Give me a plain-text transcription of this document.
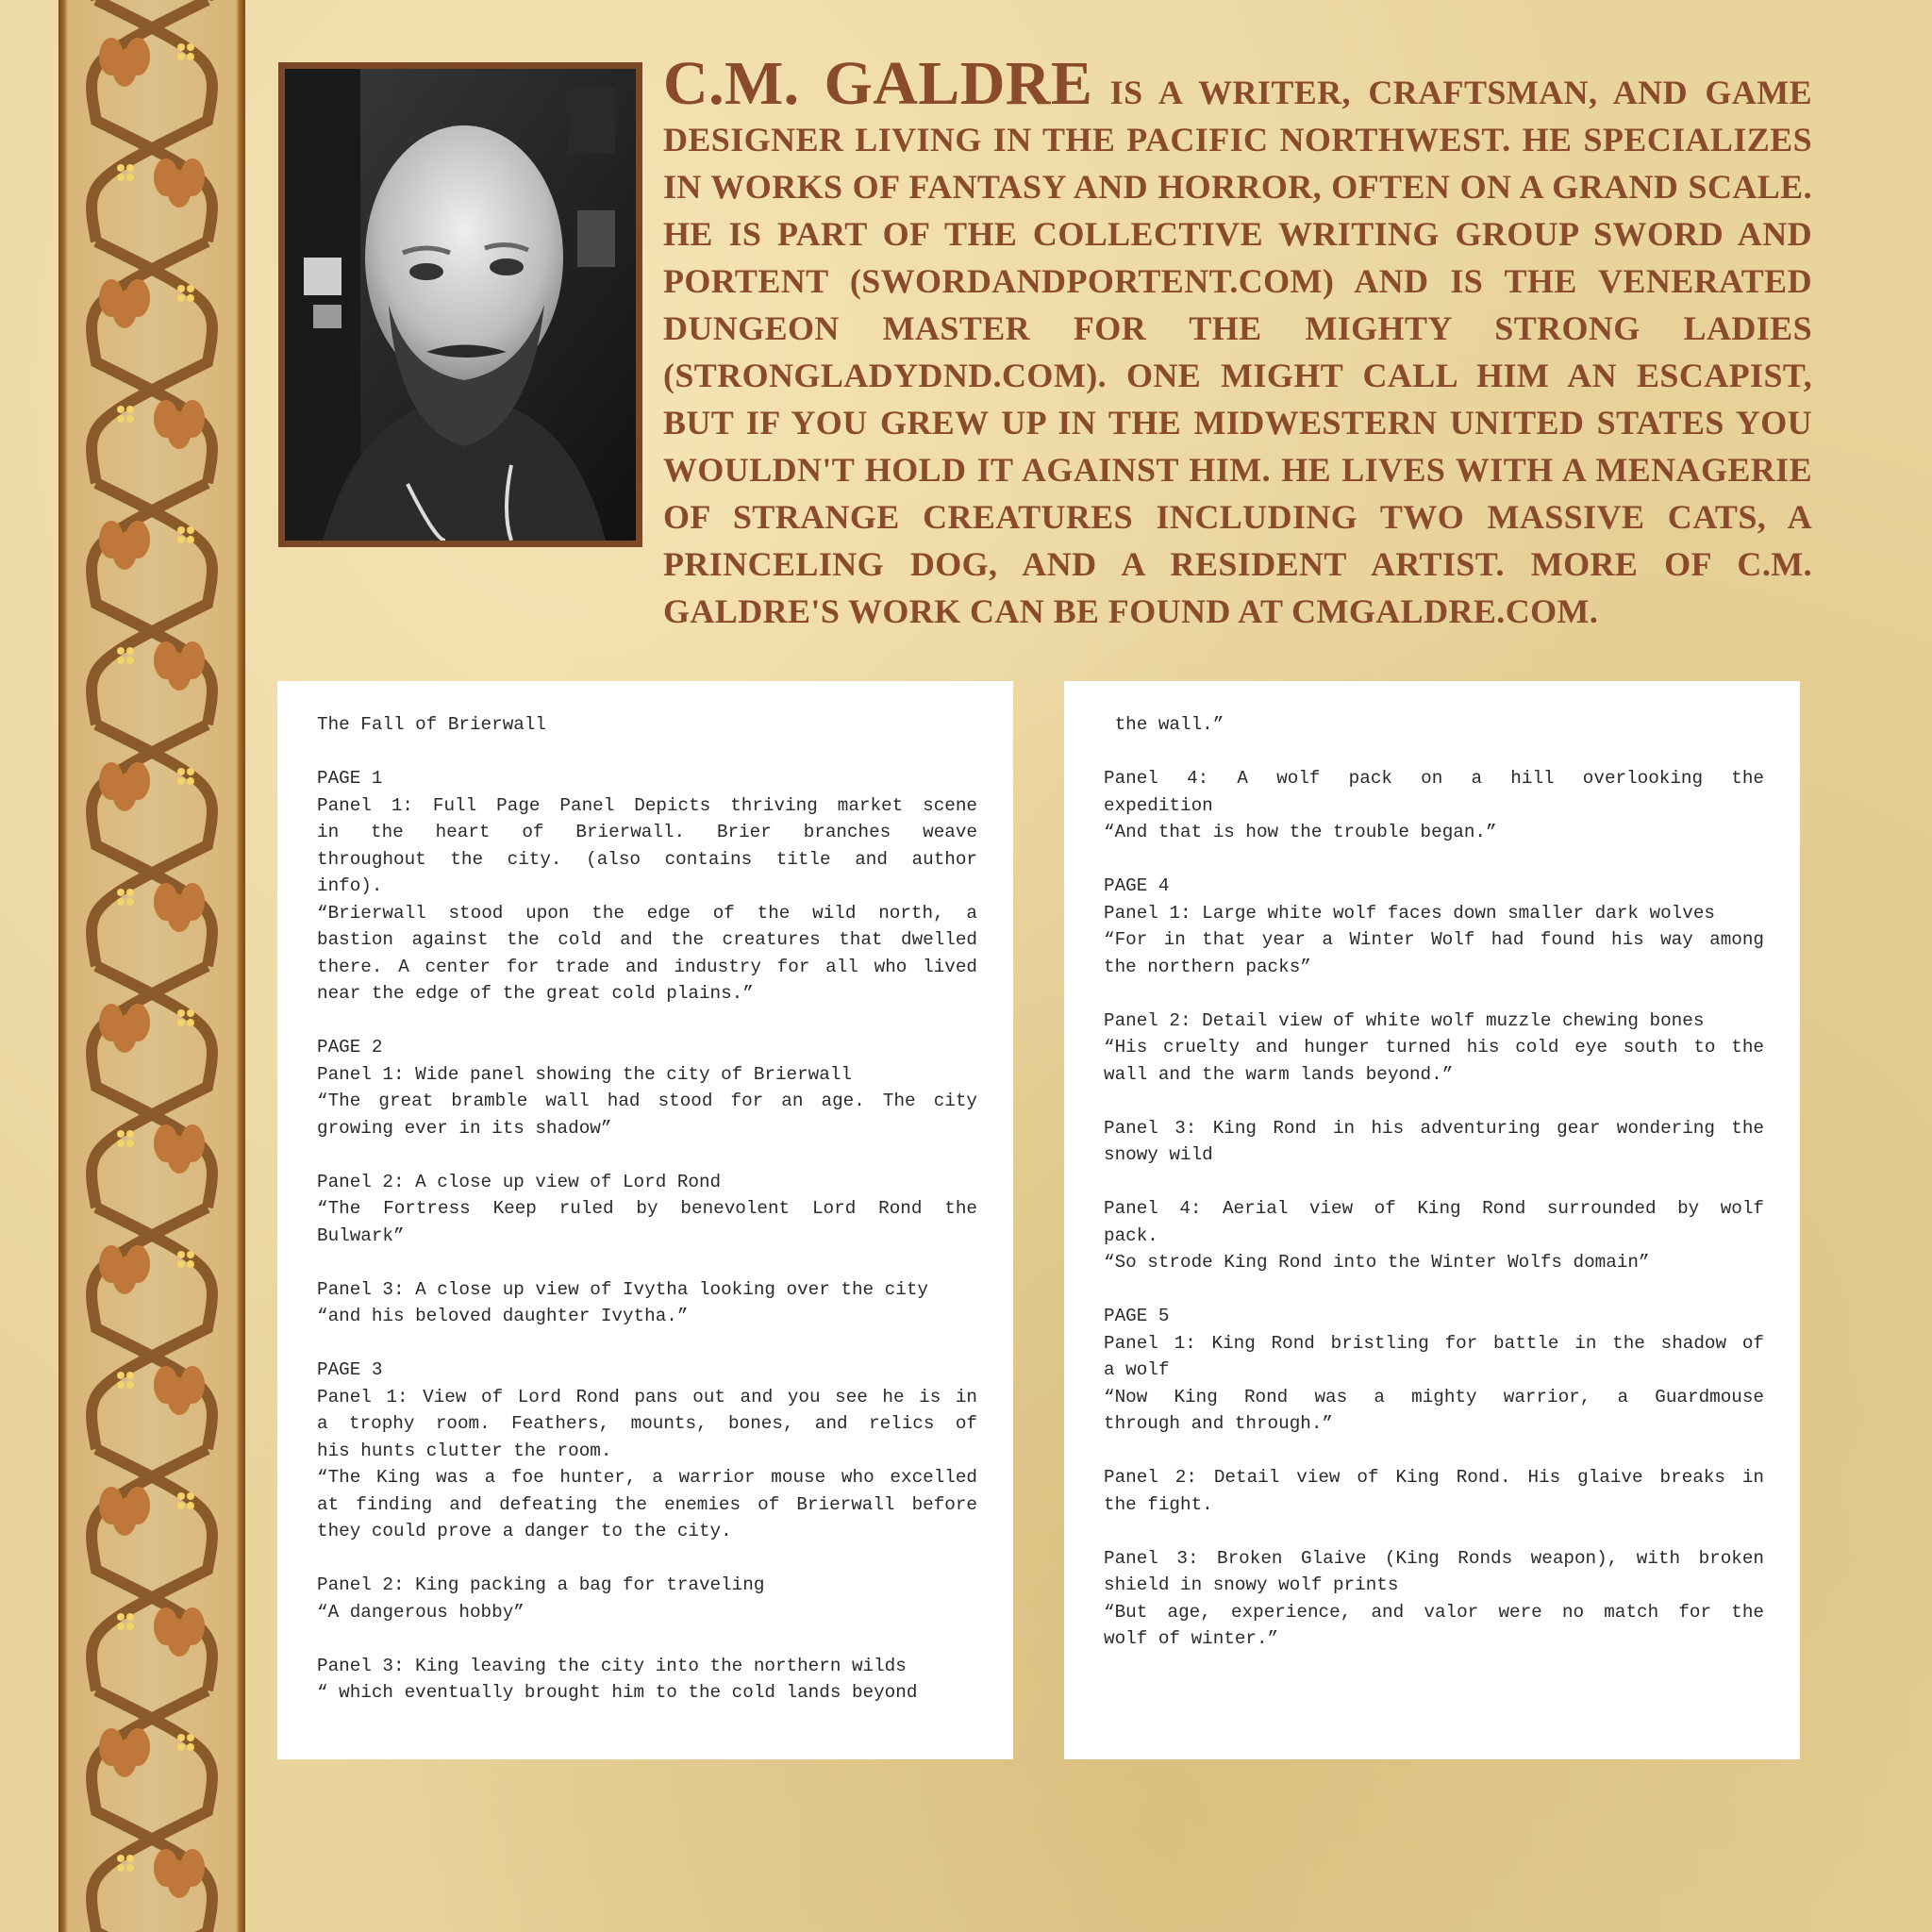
C.M. GALDRE IS A WRITER, CRAFTSMAN, AND GAME DESIGNER LIVING IN THE PACIFIC NORTHWEST. HE SPECIALIZES IN WORKS OF FANTASY AND HORROR, OFTEN ON A GRAND SCALE. HE IS PART OF THE COLLECTIVE WRITING GROUP SWORD AND PORTENT (SWORDANDPORTENT.COM) AND IS THE VENERATED DUNGEON MASTER FOR THE MIGHTY STRONG LADIES (STRONGLADYDND.COM). ONE MIGHT CALL HIM AN ESCAPIST, BUT IF YOU GREW UP IN THE MIDWESTERN UNITED STATES YOU WOULDN'T HOLD IT AGAINST HIM. HE LIVES WITH A MENAGERIE OF STRANGE CREATURES INCLUDING TWO MASSIVE CATS, A PRINCELING DOG, AND A RESIDENT ARTIST. MORE OF C.M. GALDRE'S WORK CAN BE FOUND AT CMGALDRE.COM.
The Fall of Brierwall
PAGE 1
Panel 1: Full Page Panel Depicts thriving market scene
in the heart of Brierwall. Brier branches weave
throughout the city. (also contains title and author
info).
“Brierwall stood upon the edge of the wild north, a
bastion against the cold and the creatures that dwelled
there. A center for trade and industry for all who lived
near the edge of the great cold plains.”
PAGE 2
Panel 1: Wide panel showing the city of Brierwall
“The great bramble wall had stood for an age. The city
growing ever in its shadow”
Panel 2: A close up view of Lord Rond
“The Fortress Keep ruled by benevolent Lord Rond the
Bulwark”
Panel 3: A close up view of Ivytha looking over the city
“and his beloved daughter Ivytha.”
PAGE 3
Panel 1: View of Lord Rond pans out and you see he is in
a trophy room. Feathers, mounts, bones, and relics of
his hunts clutter the room.
“The King was a foe hunter, a warrior mouse who excelled
at finding and defeating the enemies of Brierwall before
they could prove a danger to the city.
Panel 2: King packing a bag for traveling
“A dangerous hobby”
Panel 3: King leaving the city into the northern wilds
“ which eventually brought him to the cold lands beyond
the wall.”
Panel 4: A wolf pack on a hill overlooking the
expedition
“And that is how the trouble began.”
PAGE 4
Panel 1: Large white wolf faces down smaller dark wolves
“For in that year a Winter Wolf had found his way among
the northern packs”
Panel 2: Detail view of white wolf muzzle chewing bones
“His cruelty and hunger turned his cold eye south to the
wall and the warm lands beyond.”
Panel 3: King Rond in his adventuring gear wondering the
snowy wild
Panel 4: Aerial view of King Rond surrounded by wolf
pack.
“So strode King Rond into the Winter Wolfs domain”
PAGE 5
Panel 1: King Rond bristling for battle in the shadow of
a wolf
“Now King Rond was a mighty warrior, a Guardmouse
through and through.”
Panel 2: Detail view of King Rond. His glaive breaks in
the fight.
Panel 3: Broken Glaive (King Ronds weapon), with broken
shield in snowy wolf prints
“But age, experience, and valor were no match for the
wolf of winter.”
